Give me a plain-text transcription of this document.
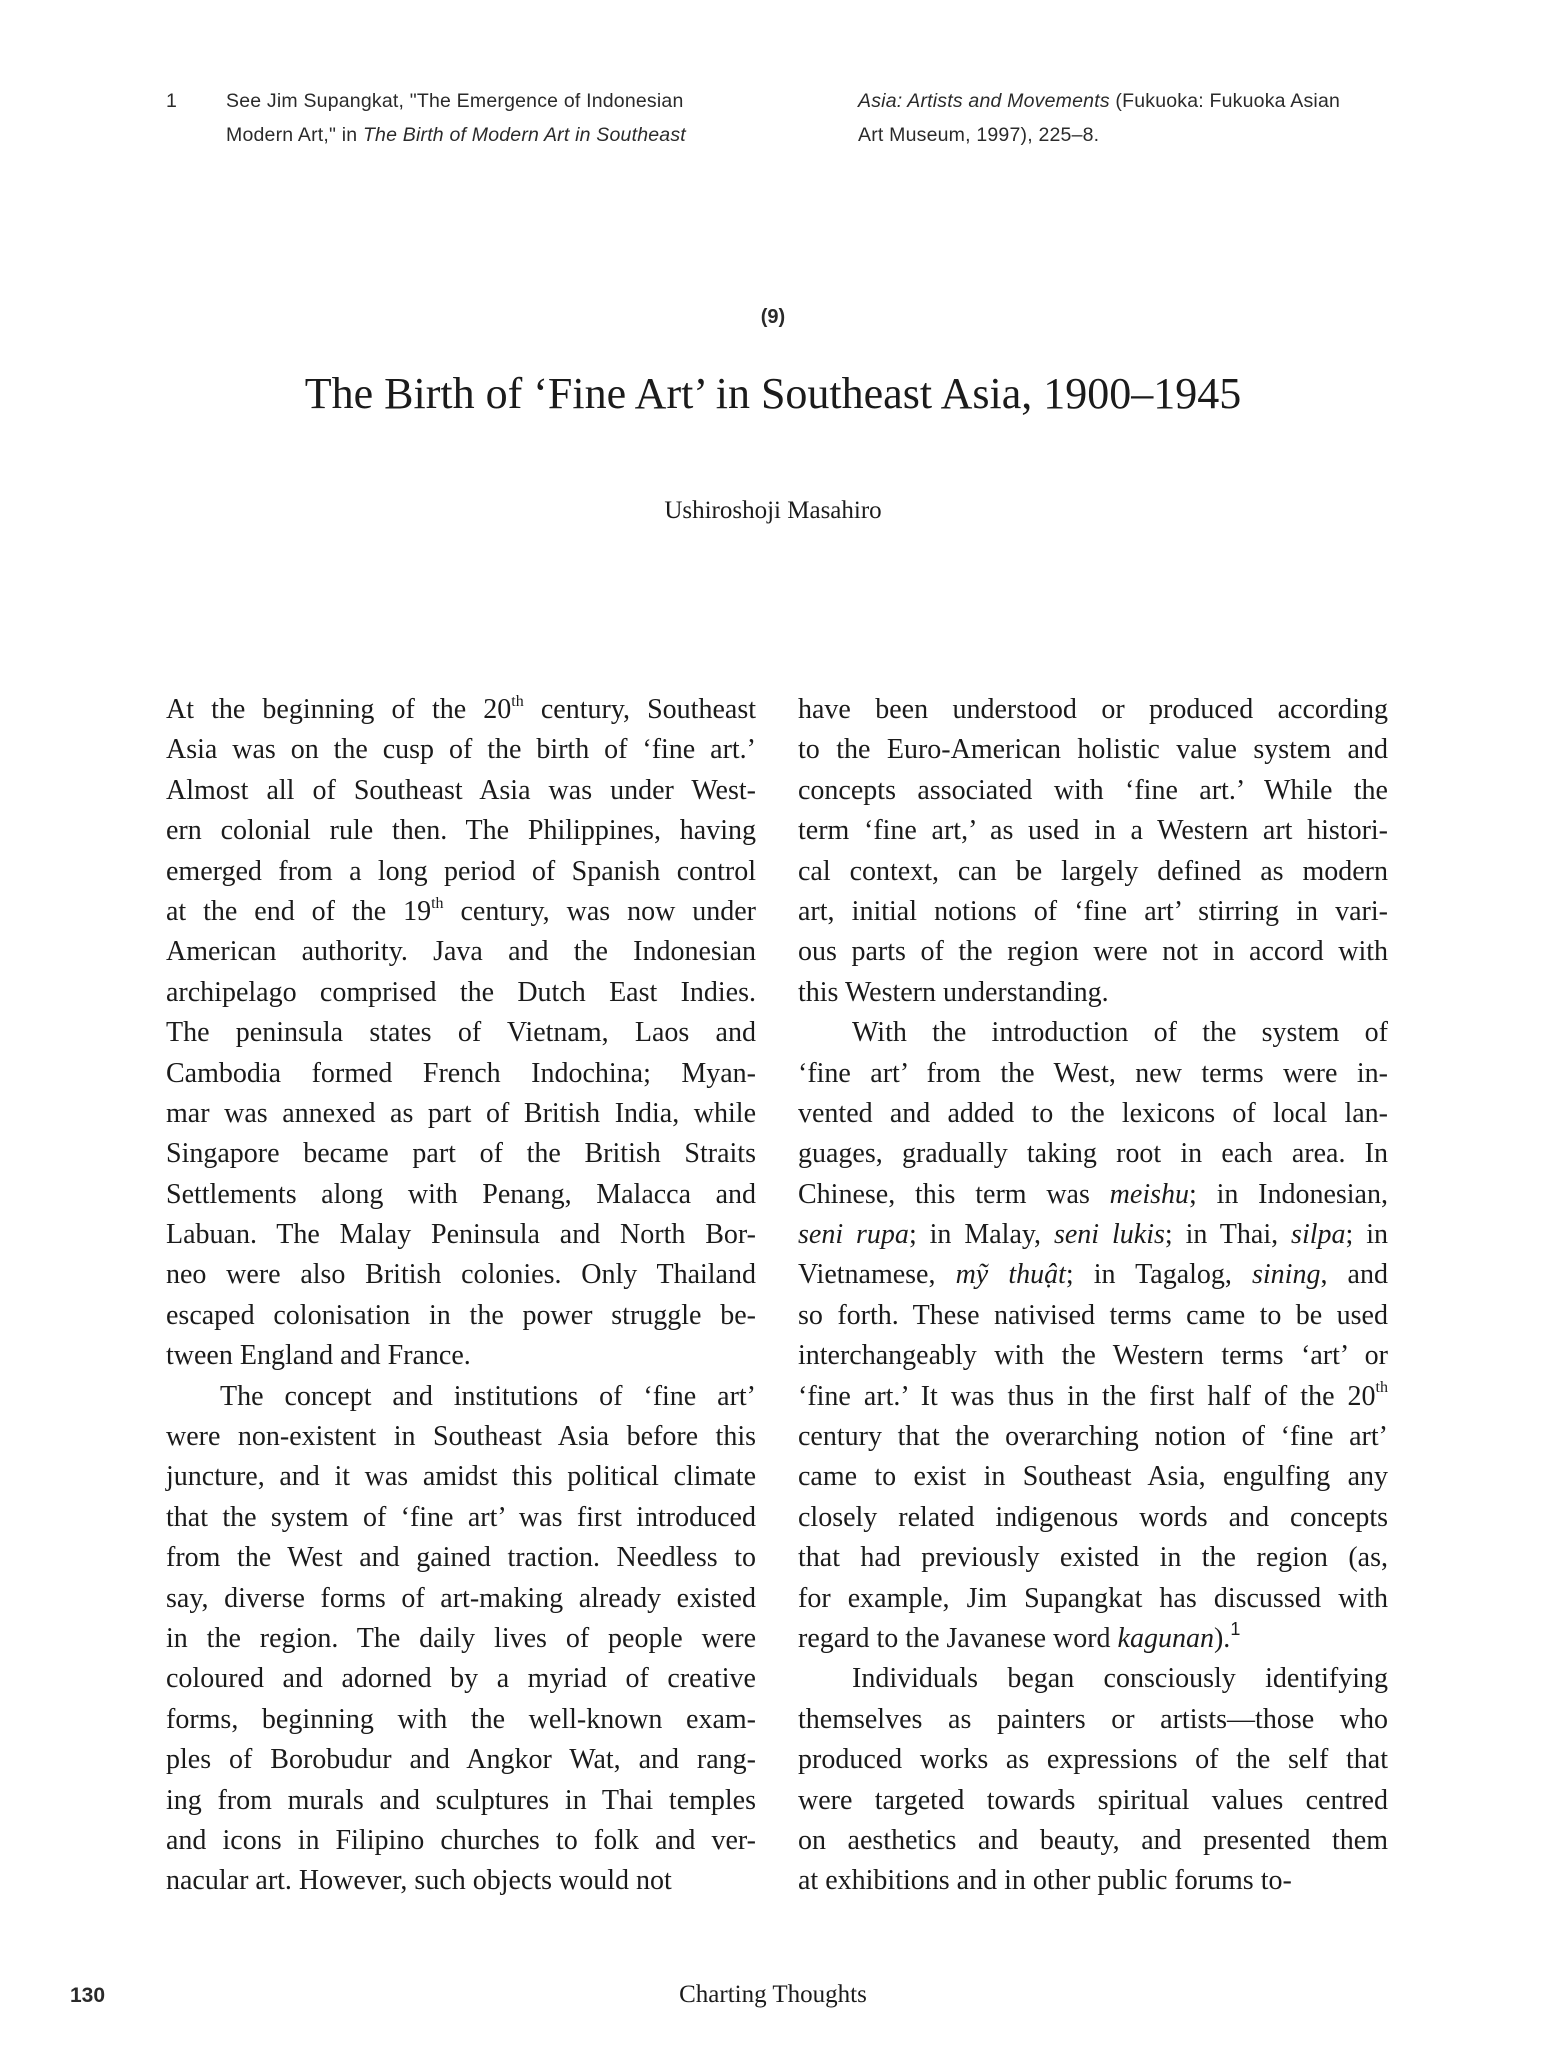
1	See Jim Supangkat, "The Emergence of Indonesian
Modern Art," in The Birth of Modern Art in Southeast
Asia: Artists and Movements (Fukuoka: Fukuoka Asian
Art Museum, 1997), 225–8.
(9)
The Birth of ‘Fine Art’ in Southeast Asia, 1900–1945
Ushiroshoji Masahiro
At the beginning of the 20th century, Southeast
Asia was on the cusp of the birth of ‘fine art.’
Almost all of Southeast Asia was under West-
ern colonial rule then. The Philippines, having
emerged from a long period of Spanish control
at the end of the 19th century, was now under
American authority. Java and the Indonesian
archipelago comprised the Dutch East Indies.
The peninsula states of Vietnam, Laos and
Cambodia formed French Indochina; Myan-
mar was annexed as part of British India, while
Singapore became part of the British Straits
Settlements along with Penang, Malacca and
Labuan. The Malay Peninsula and North Bor-
neo were also British colonies. Only Thailand
escaped colonisation in the power struggle be-
tween England and France.
The concept and institutions of ‘fine art’
were non-existent in Southeast Asia before this
juncture, and it was amidst this political climate
that the system of ‘fine art’ was first introduced
from the West and gained traction. Needless to
say, diverse forms of art-making already existed
in the region. The daily lives of people were
coloured and adorned by a myriad of creative
forms, beginning with the well-known exam-
ples of Borobudur and Angkor Wat, and rang-
ing from murals and sculptures in Thai temples
and icons in Filipino churches to folk and ver-
nacular art. However, such objects would not
have been understood or produced according
to the Euro-American holistic value system and
concepts associated with ‘fine art.’ While the
term ‘fine art,’ as used in a Western art histori-
cal context, can be largely defined as modern
art, initial notions of ‘fine art’ stirring in vari-
ous parts of the region were not in accord with
this Western understanding.
With the introduction of the system of
‘fine art’ from the West, new terms were in-
vented and added to the lexicons of local lan-
guages, gradually taking root in each area. In
Chinese, this term was meishu; in Indonesian,
seni rupa; in Malay, seni lukis; in Thai, silpa; in
Vietnamese, mỹ thuật; in Tagalog, sining, and
so forth. These nativised terms came to be used
interchangeably with the Western terms ‘art’ or
‘fine art.’ It was thus in the first half of the 20th
century that the overarching notion of ‘fine art’
came to exist in Southeast Asia, engulfing any
closely related indigenous words and concepts
that had previously existed in the region (as,
for example, Jim Supangkat has discussed with
regard to the Javanese word kagunan).$^1$
Individuals began consciously identifying
themselves as painters or artists—those who
produced works as expressions of the self that
were targeted towards spiritual values centred
on aesthetics and beauty, and presented them
at exhibitions and in other public forums to-
130	Charting Thoughts
